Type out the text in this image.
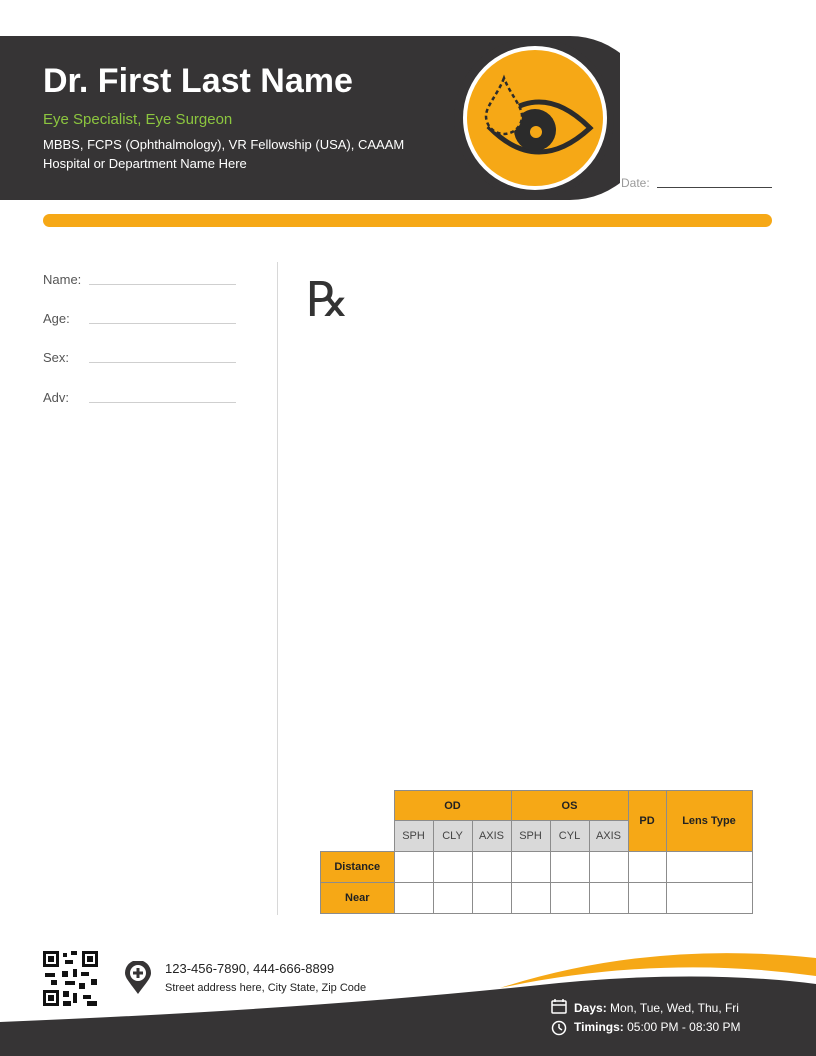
Dr. First Last Name
Eye Specialist, Eye Surgeon
MBBS, FCPS (Ophthalmology), VR Fellowship (USA), CAAAM
Hospital or Department Name Here
Date:
Name:
Age:
Sex:
Adv:
℞
	OD			OS			PD	Lens Type
	SPH	CLY	AXIS	SPH	CYL	AXIS		
Distance								
Near								
123-456-7890, 444-666-8899
Street address here, City State, Zip Code
Days: Mon, Tue, Wed, Thu, Fri
Timings: 05:00 PM - 08:30 PM
